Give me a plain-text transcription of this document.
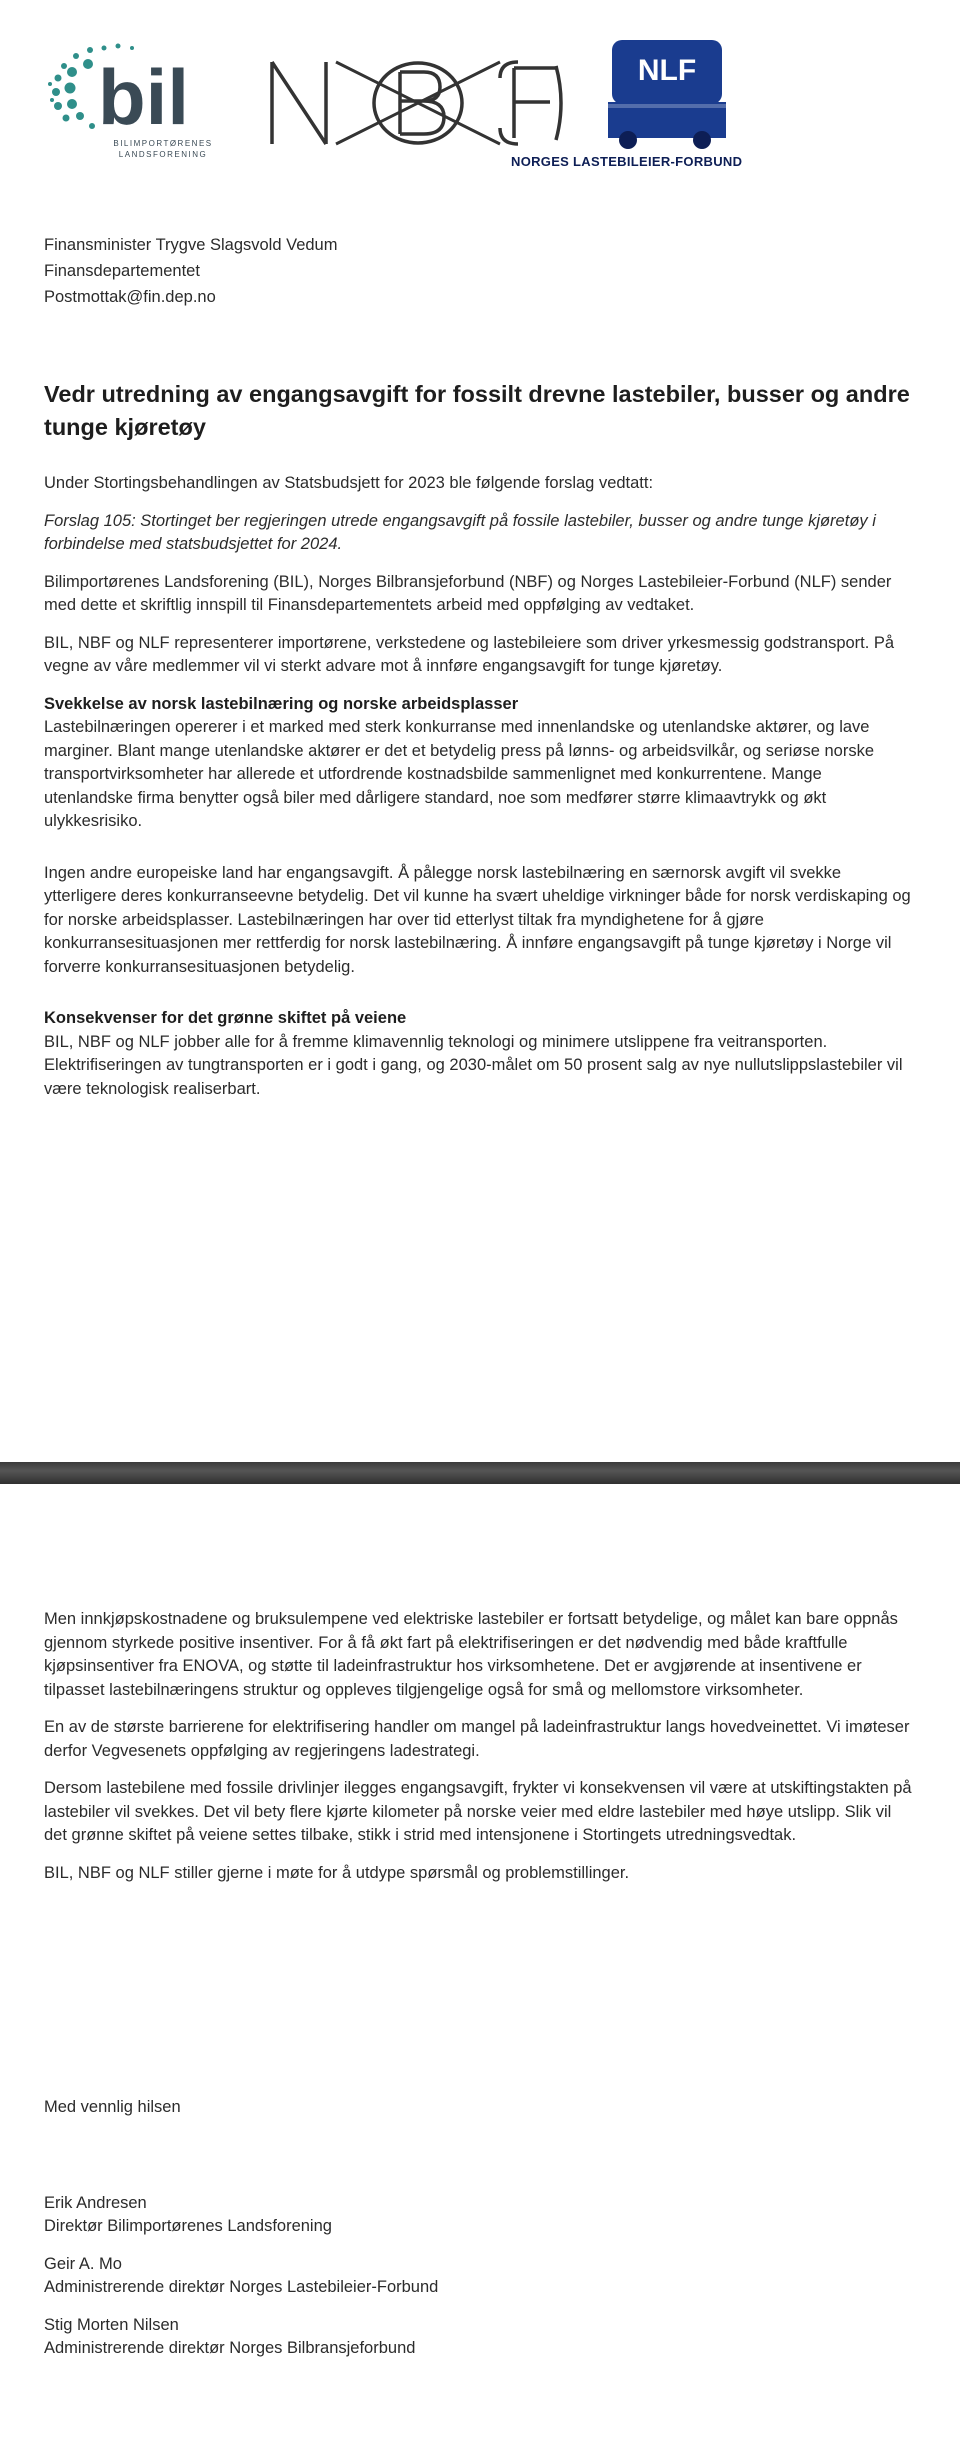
bil
BILIMPORTØRENES
LANDSFORENING
NBF
NLF
NORGES LASTEBILEIER-FORBUND
Finansminister Trygve Slagsvold Vedum
Finansdepartementet
Postmottak@fin.dep.no
Vedr utredning av engangsavgift for fossilt drevne lastebiler, busser og andre tunge kjøretøy

Under Stortingsbehandlingen av Statsbudsjett for 2023 ble følgende forslag vedtatt:

Forslag 105: Stortinget ber regjeringen utrede engangsavgift på fossile lastebiler, busser og andre tunge kjøretøy i forbindelse med statsbudsjettet for 2024.

Bilimportørenes Landsforening (BIL), Norges Bilbransjeforbund (NBF) og Norges Lastebileier-Forbund (NLF) sender med dette et skriftlig innspill til Finansdepartementets arbeid med oppfølging av vedtaket.

BIL, NBF og NLF representerer importørene, verkstedene og lastebileiere som driver yrkesmessig godstransport. På vegne av våre medlemmer vil vi sterkt advare mot å innføre engangsavgift for tunge kjøretøy.

Svekkelse av norsk lastebilnæring og norske arbeidsplasser

Lastebilnæringen opererer i et marked med sterk konkurranse med innenlandske og utenlandske aktører, og lave marginer. Blant mange utenlandske aktører er det et betydelig press på lønns- og arbeidsvilkår, og seriøse norske transportvirksomheter har allerede et utfordrende kostnadsbilde sammenlignet med konkurrentene. Mange utenlandske firma benytter også biler med dårligere standard, noe som medfører større klimaavtrykk og økt ulykkesrisiko.

Ingen andre europeiske land har engangsavgift. Å pålegge norsk lastebilnæring en særnorsk avgift vil svekke ytterligere deres konkurranseevne betydelig. Det vil kunne ha svært uheldige virkninger både for norsk verdiskaping og for norske arbeidsplasser. Lastebilnæringen har over tid etterlyst tiltak fra myndighetene for å gjøre konkurransesituasjonen mer rettferdig for norsk lastebilnæring. Å innføre engangsavgift på tunge kjøretøy i Norge vil forverre konkurransesituasjonen betydelig.

Konsekvenser for det grønne skiftet på veiene

BIL, NBF og NLF jobber alle for å fremme klimavennlig teknologi og minimere utslippene fra veitransporten. Elektrifiseringen av tungtransporten er i godt i gang, og 2030-målet om 50 prosent salg av nye nullutslippslastebiler vil være teknologisk realiserbart.

Men innkjøpskostnadene og bruksulempene ved elektriske lastebiler er fortsatt betydelige, og målet kan bare oppnås gjennom styrkede positive insentiver. For å få økt fart på elektrifiseringen er det nødvendig med både kraftfulle kjøpsinsentiver fra ENOVA, og støtte til ladeinfrastruktur hos virksomhetene. Det er avgjørende at insentivene er tilpasset lastebilnæringens struktur og oppleves tilgjengelige også for små og mellomstore virksomheter.

En av de største barrierene for elektrifisering handler om mangel på ladeinfrastruktur langs hovedveinettet. Vi imøteser derfor Vegvesenets oppfølging av regjeringens ladestrategi.

Dersom lastebilene med fossile drivlinjer ilegges engangsavgift, frykter vi konsekvensen vil være at utskiftingstakten på lastebiler vil svekkes. Det vil bety flere kjørte kilometer på norske veier med eldre lastebiler med høye utslipp. Slik vil det grønne skiftet på veiene settes tilbake, stikk i strid med intensjonene i Stortingets utredningsvedtak.

BIL, NBF og NLF stiller gjerne i møte for å utdype spørsmål og problemstillinger.

Med vennlig hilsen

Erik Andresen
Direktør Bilimportørenes Landsforening

Geir A. Mo
Administrerende direktør Norges Lastebileier-Forbund

Stig Morten Nilsen
Administrerende direktør Norges Bilbransjeforbund
